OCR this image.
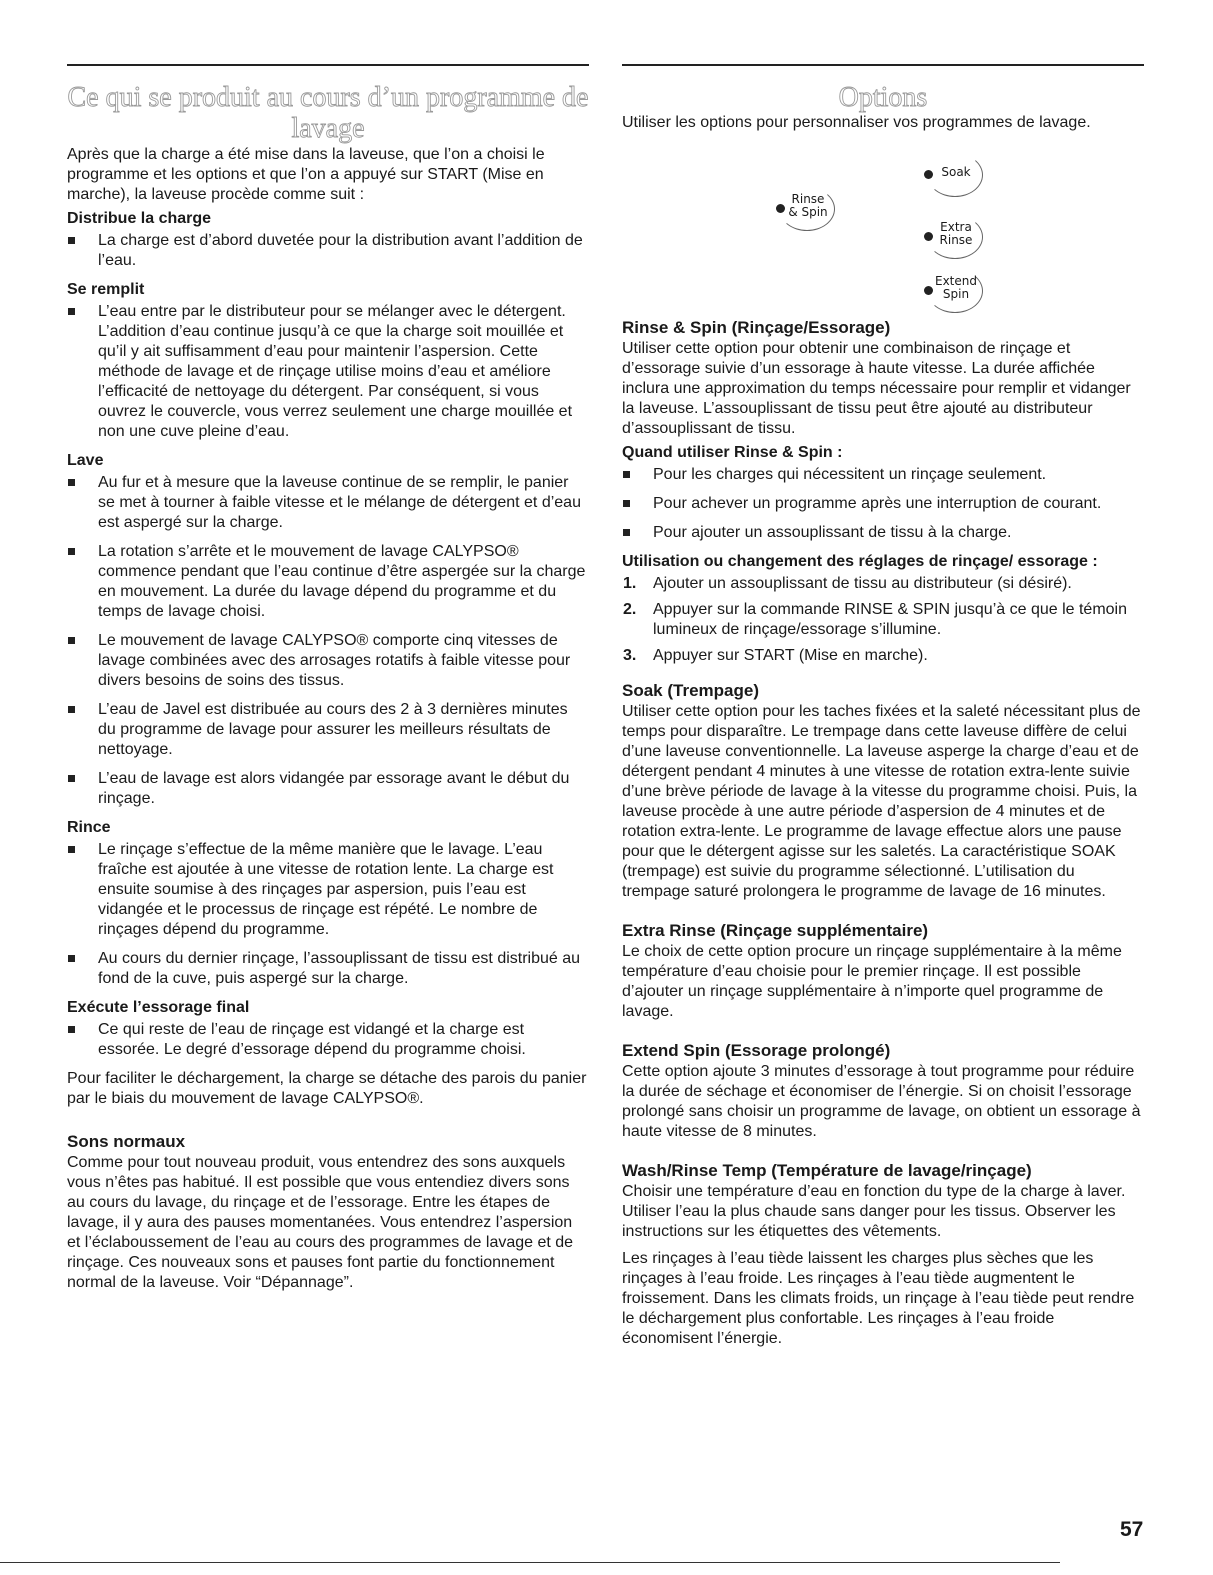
Ce qui se produit au cours d’un programme de lavage

Après que la charge a été mise dans la laveuse, que l’on a choisi le programme et les options et que l’on a appuyé sur START (Mise en marche), la laveuse procède comme suit :

Distribue la charge
La charge est d’abord duvetée pour la distribution avant l’addition de l’eau.
Se remplit
L’eau entre par le distributeur pour se mélanger avec le détergent. L’addition d’eau continue jusqu’à ce que la charge soit mouillée et qu’il y ait suffisamment d’eau pour maintenir l’aspersion. Cette méthode de lavage et de rinçage utilise moins d’eau et améliore l’efficacité de nettoyage du détergent. Par conséquent, si vous ouvrez le couvercle, vous verrez seulement une charge mouillée et non une cuve pleine d’eau.
Lave
Au fur et à mesure que la laveuse continue de se remplir, le panier se met à tourner à faible vitesse et le mélange de détergent et d’eau est aspergé sur la charge.
La rotation s’arrête et le mouvement de lavage CALYPSO® commence pendant que l’eau continue d’être aspergée sur la charge en mouvement. La durée du lavage dépend du programme et du temps de lavage choisi.
Le mouvement de lavage CALYPSO® comporte cinq vitesses de lavage combinées avec des arrosages rotatifs à faible vitesse pour divers besoins de soins des tissus.
L’eau de Javel est distribuée au cours des 2 à 3 dernières minutes du programme de lavage pour assurer les meilleurs résultats de nettoyage.
L’eau de lavage est alors vidangée par essorage avant le début du rinçage.
Rince
Le rinçage s’effectue de la même manière que le lavage. L’eau fraîche est ajoutée à une vitesse de rotation lente. La charge est ensuite soumise à des rinçages par aspersion, puis l’eau est vidangée et le processus de rinçage est répété. Le nombre de rinçages dépend du programme.
Au cours du dernier rinçage, l’assouplissant de tissu est distribué au fond de la cuve, puis aspergé sur la charge.
Exécute l’essorage final
Ce qui reste de l’eau de rinçage est vidangé et la charge est essorée. Le degré d’essorage dépend du programme choisi.

Pour faciliter le déchargement, la charge se détache des parois du panier par le biais du mouvement de lavage CALYPSO®.

Sons normaux

Comme pour tout nouveau produit, vous entendrez des sons auxquels vous n’êtes pas habitué. Il est possible que vous entendiez divers sons au cours du lavage, du rinçage et de l’essorage. Entre les étapes de lavage, il y aura des pauses momentanées. Vous entendrez l’aspersion et l’éclaboussement de l’eau au cours des programmes de lavage et de rinçage. Ces nouveaux sons et pauses font partie du fonctionnement normal de la laveuse. Voir “Dépannage”.

Options

Utiliser les options pour personnaliser vos programmes de lavage.

Rinse & Spin
Soak
Extra Rinse
Extend Spin
Rinse & Spin (Rinçage/Essorage)

Utiliser cette option pour obtenir une combinaison de rinçage et d’essorage suivie d’un essorage à haute vitesse. La durée affichée inclura une approximation du temps nécessaire pour remplir et vidanger la laveuse. L’assouplissant de tissu peut être ajouté au distributeur d’assouplissant de tissu.

Quand utiliser Rinse & Spin :
Pour les charges qui nécessitent un rinçage seulement.
Pour achever un programme après une interruption de courant.
Pour ajouter un assouplissant de tissu à la charge.
Utilisation ou changement des réglages de rinçage/ essorage :
1. Ajouter un assouplissant de tissu au distributeur (si désiré).
2. Appuyer sur la commande RINSE & SPIN jusqu’à ce que le témoin lumineux de rinçage/essorage s’illumine.
3. Appuyer sur START (Mise en marche).
Soak (Trempage)

Utiliser cette option pour les taches fixées et la saleté nécessitant plus de temps pour disparaître. Le trempage dans cette laveuse diffère de celui d’une laveuse conventionnelle. La laveuse asperge la charge d’eau et de détergent pendant 4 minutes à une vitesse de rotation extra-lente suivie d’une brève période de lavage à la vitesse du programme choisi. Puis, la laveuse procède à une autre période d’aspersion de 4 minutes et de rotation extra-lente. Le programme de lavage effectue alors une pause pour que le détergent agisse sur les saletés. La caractéristique SOAK (trempage) est suivie du programme sélectionné. L’utilisation du trempage saturé prolongera le programme de lavage de 16 minutes.

Extra Rinse (Rinçage supplémentaire)

Le choix de cette option procure un rinçage supplémentaire à la même température d’eau choisie pour le premier rinçage. Il est possible d’ajouter un rinçage supplémentaire à n’importe quel programme de lavage.

Extend Spin (Essorage prolongé)

Cette option ajoute 3 minutes d’essorage à tout programme pour réduire la durée de séchage et économiser de l’énergie. Si on choisit l’essorage prolongé sans choisir un programme de lavage, on obtient un essorage à haute vitesse de 8 minutes.

Wash/Rinse Temp (Température de lavage/rinçage)

Choisir une température d’eau en fonction du type de la charge à laver. Utiliser l’eau la plus chaude sans danger pour les tissus. Observer les instructions sur les étiquettes des vêtements.

Les rinçages à l’eau tiède laissent les charges plus sèches que les rinçages à l’eau froide. Les rinçages à l’eau tiède augmentent le froissement. Dans les climats froids, un rinçage à l’eau tiède peut rendre le déchargement plus confortable. Les rinçages à l’eau froide économisent l’énergie.

57
